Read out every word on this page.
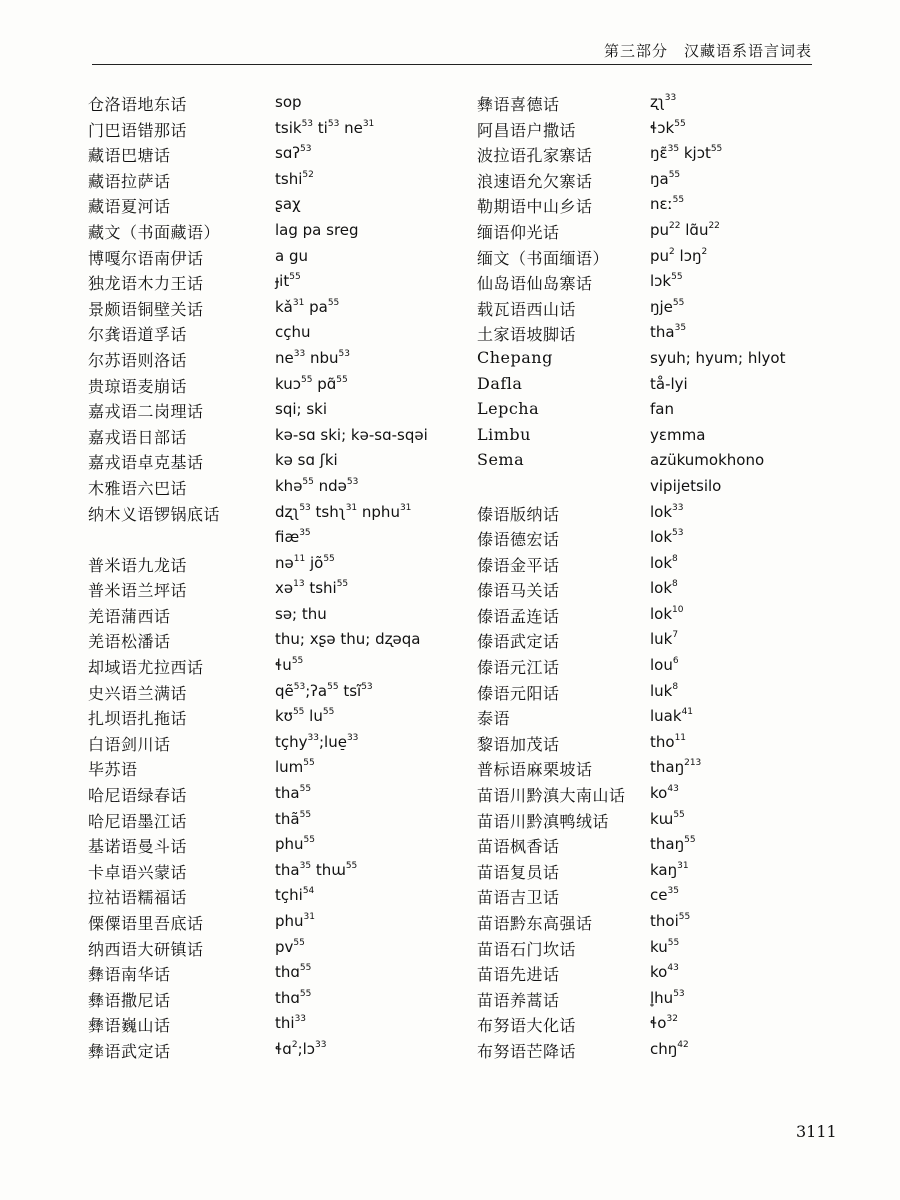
第三部分　汉藏语系语言词表
仓洛语地东话	sop
门巴语错那话	tsik$^{53}$ $ti^{53}$ $ne^{31}$
藏语巴塘话	sɑʔ$^{53}$
藏语拉萨话	tshi$^{52}$
藏语夏河话	ʂaχ
藏文（书面藏语）	lag pa sreg
博嘎尔语南伊话	a gu
独龙语木力王话	ɟit$^{55}$
景颇语铜壁关话	$kǎ^{31}$ $pa^{55}$
尔龚语道孚话	cçhu
尔苏语则洛话	$ne^{33}$ nbu$^{53}$
贵琼语麦崩话	kuɔ$^{55}$ pɑ̃$^{55}$
嘉戎语二岗理话	sqi; ski
嘉戎语日部话	kə-sɑ ski; kə-sɑ-sqəi
嘉戎语卓克基话	kə sɑ ʃki
木雅语六巴话	khə$^{55}$ ndə$^{53}$
纳木义语锣锅底话	dʐʅ$^{53}$ tshʅ$^{31}$ nphu$^{31}$
fiæ$^{35}$
普米语九龙话	nə$^{11}$ $jõ^{55}$
普米语兰坪话	xə$^{13}$ tshi$^{55}$
羌语蒲西话	sə; thu
羌语松潘话	thu; xʂə thu; dʐəqa
却域语尤拉西话	ɬu$^{55}$
史兴语兰满话	qẽ$^{53}$;ʔa$^{55}$ tsĩ$^{53}$
扎坝语扎拖话	kʊ$^{55}$ $lu^{55}$
白语剑川话	tçhy$^{33}$;lue̠$^{33}$
毕苏语	lum$^{55}$
哈尼语绿春话	tha$^{55}$
哈尼语墨江话	thã$^{55}$
基诺语曼斗话	phu$^{55}$
卡卓语兴蒙话	tha$^{35}$ thɯ$^{55}$
拉祜语糯福话	tçhi$^{54}$
傈僳语里吾底话	phu$^{31}$
纳西语大研镇话	$pv^{55}$
彝语南华话	thɑ$^{55}$
彝语撒尼话	thɑ$^{55}$
彝语巍山话	thi$^{33}$
彝语武定话	ɬɑ$^2$;lɔ$^{33}$
彝语喜德话	ʐʅ$^{33}$
阿昌语户撒话	ɬɔk$^{55}$
波拉语孔家寨话	ŋɛ̃$^{35}$ kjɔt$^{55}$
浪速语允欠寨话	$ŋa^{55}$
勒期语中山乡话	nɛː$^{55}$
缅语仰光话	$pu^{22}$ $lɑ̃u^{22}$
缅文（书面缅语）	$pu^2$ lɔŋ$^2$
仙岛语仙岛寨话	lɔk$^{55}$
载瓦语西山话	ŋje$^{55}$
土家语坡脚话	tha$^{35}$
Chepang	syuh; hyum; hlyot
Dafla	tå-lyi
Lepcha	fan
Limbu	yɛmma
Sema	azükumokhono
vipijetsilo
傣语版纳话	lok$^{33}$
傣语德宏话	lok$^{53}$
傣语金平话	lok$^8$
傣语马关话	lok$^8$
傣语孟连话	lok$^{10}$
傣语武定话	luk$^7$
傣语元江话	lou$^6$
傣语元阳话	luk$^8$
泰语	luak$^{41}$
黎语加茂话	tho$^{11}$
普标语麻栗坡话	thaŋ$^{213}$
苗语川黔滇大南山话 $ko^{43}$
苗语川黔滇鸭绒话	kɯ$^{55}$
苗语枫香话	thaŋ$^{55}$
苗语复员话	kaŋ$^{31}$
苗语吉卫话	$ce^{35}$
苗语黔东高强话	thoi$^{55}$
苗语石门坎话	$ku^{55}$
苗语先进话	$ko^{43}$
苗语养蒿话	$l̥hu^{53}$
布努语大化话	ɬo$^{32}$
布努语芒降话	chŋ$^{42}$
3111
